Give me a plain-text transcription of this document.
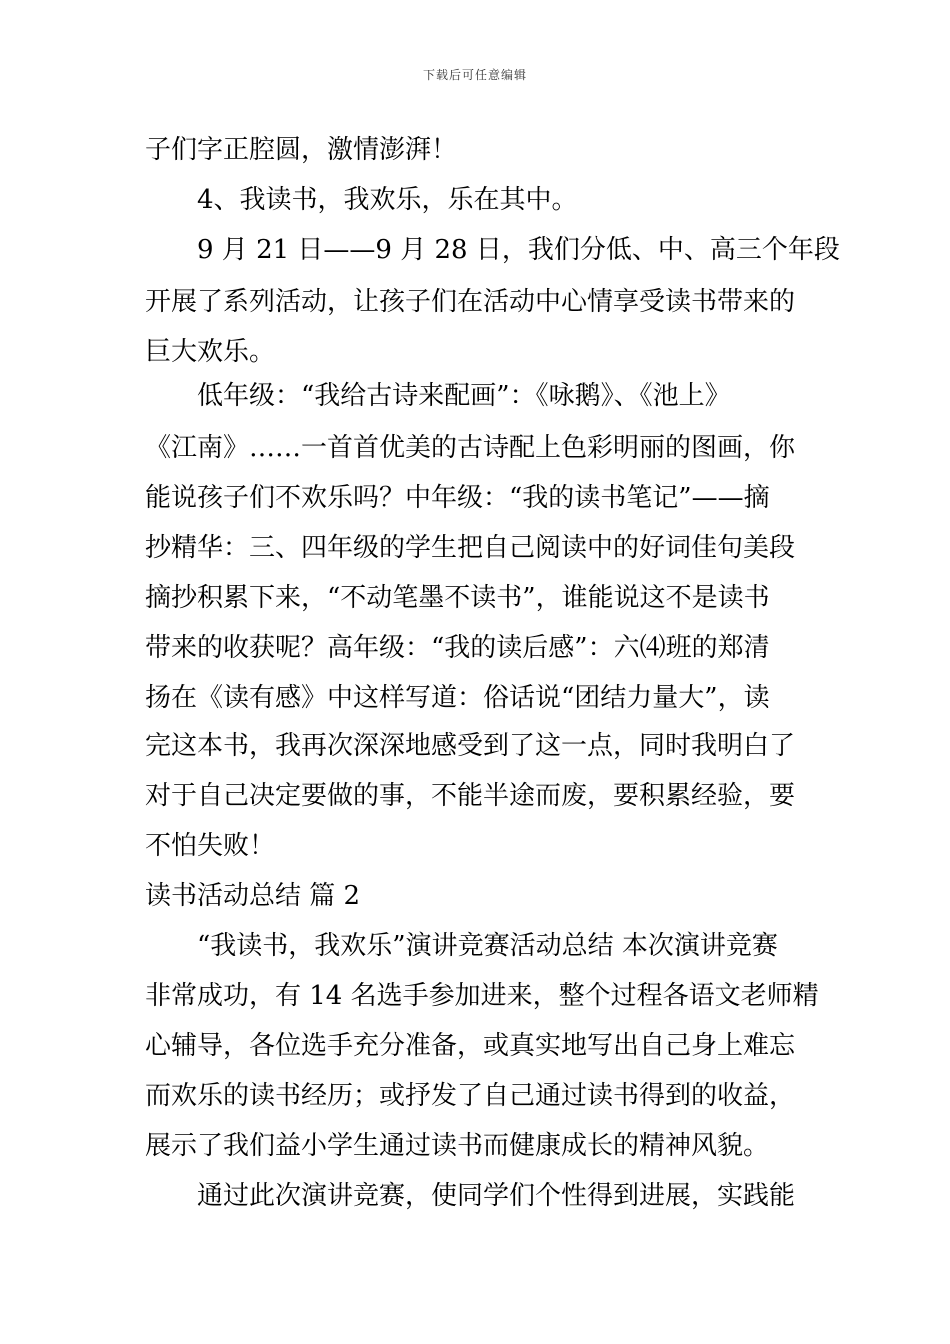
下载后可任意编辑
子们字正腔圆，激情澎湃！
4、我读书，我欢乐，乐在其中。
9 月 21 日——9 月 28 日，我们分低、中、高三个年段
开展了系列活动，让孩子们在活动中心情享受读书带来的
巨大欢乐。
低年级：“我给古诗来配画”：《咏鹅》、《池上》
《江南》……一首首优美的古诗配上色彩明丽的图画，你
能说孩子们不欢乐吗？中年级：“我的读书笔记”——摘
抄精华：三、四年级的学生把自己阅读中的好词佳句美段
摘抄积累下来，“不动笔墨不读书”，谁能说这不是读书
带来的收获呢？高年级：“我的读后感”：六⑷班的郑清
扬在《读有感》中这样写道：俗话说“团结力量大”，读
完这本书，我再次深深地感受到了这一点，同时我明白了
对于自己决定要做的事，不能半途而废，要积累经验，要
不怕失败！
读书活动总结 篇 2
“我读书，我欢乐”演讲竞赛活动总结 本次演讲竞赛
非常成功，有 14 名选手参加进来，整个过程各语文老师精
心辅导，各位选手充分准备，或真实地写出自己身上难忘
而欢乐的读书经历；或抒发了自己通过读书得到的收益，
展示了我们益小学生通过读书而健康成长的精神风貌。
通过此次演讲竞赛，使同学们个性得到进展，实践能
